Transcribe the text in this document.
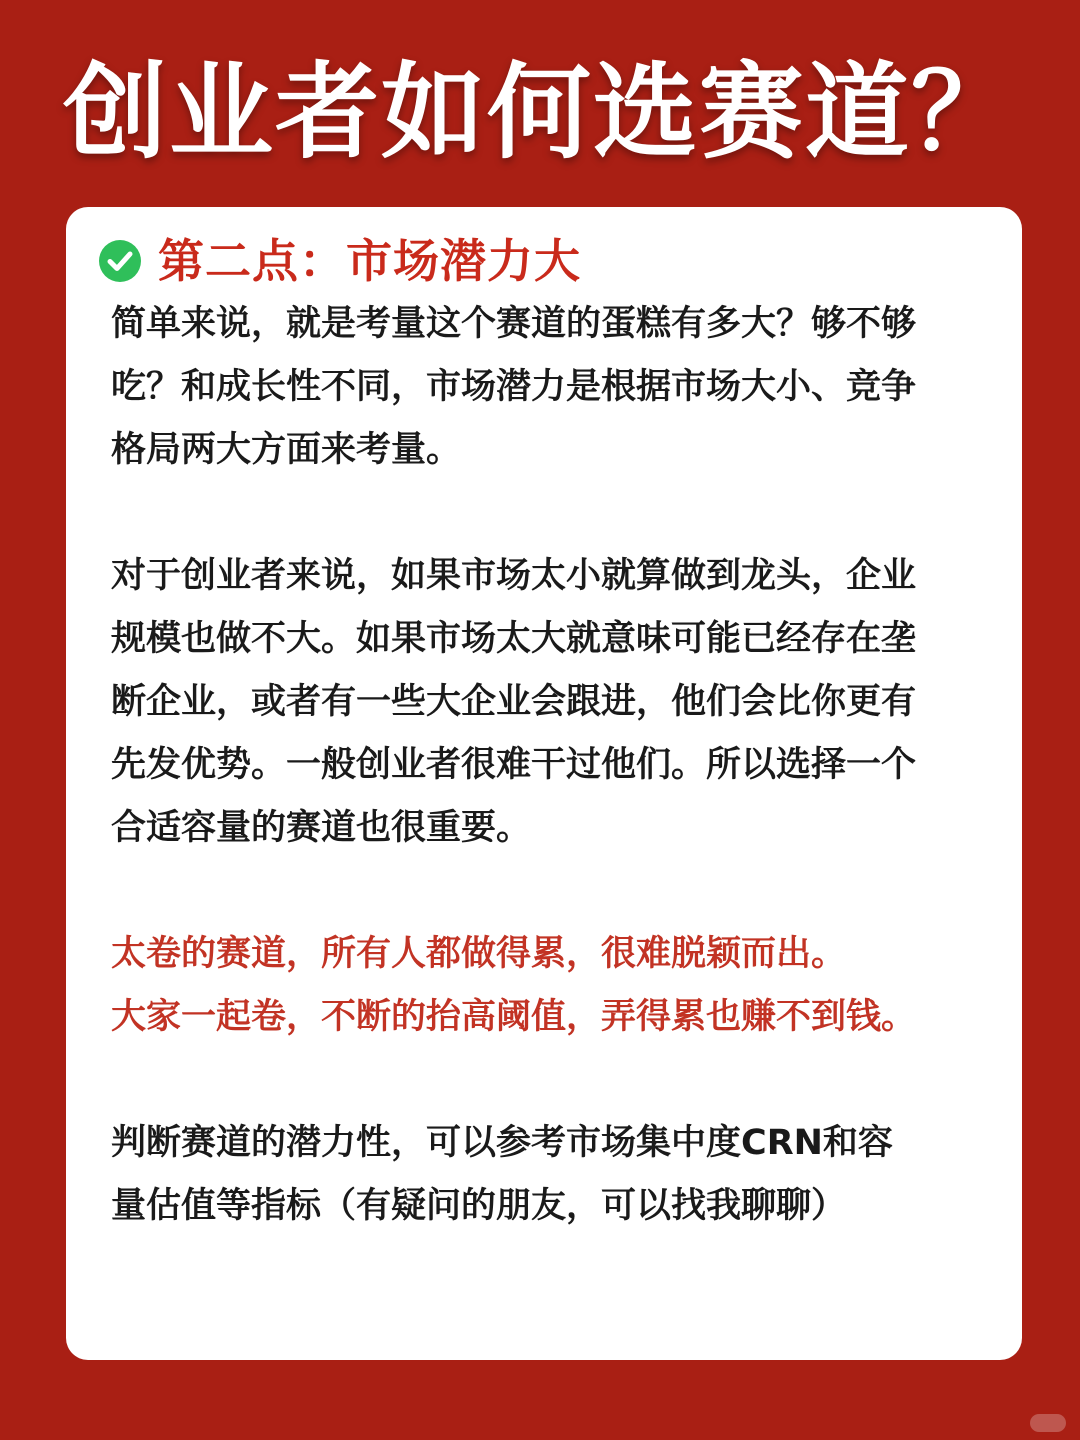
创业者如何选赛道？
第二点：市场潜力大

简单来说，就是考量这个赛道的蛋糕有多大？够不够
吃？和成长性不同，市场潜力是根据市场大小、竞争
格局两大方面来考量。

对于创业者来说，如果市场太小就算做到龙头，企业
规模也做不大。如果市场太大就意味可能已经存在垄
断企业，或者有一些大企业会跟进，他们会比你更有
先发优势。一般创业者很难干过他们。所以选择一个
合适容量的赛道也很重要。

太卷的赛道，所有人都做得累，很难脱颖而出。
大家一起卷，不断的抬高阈值，弄得累也赚不到钱。

判断赛道的潜力性，可以参考市场集中度CRN和容
量估值等指标（有疑问的朋友，可以找我聊聊）
